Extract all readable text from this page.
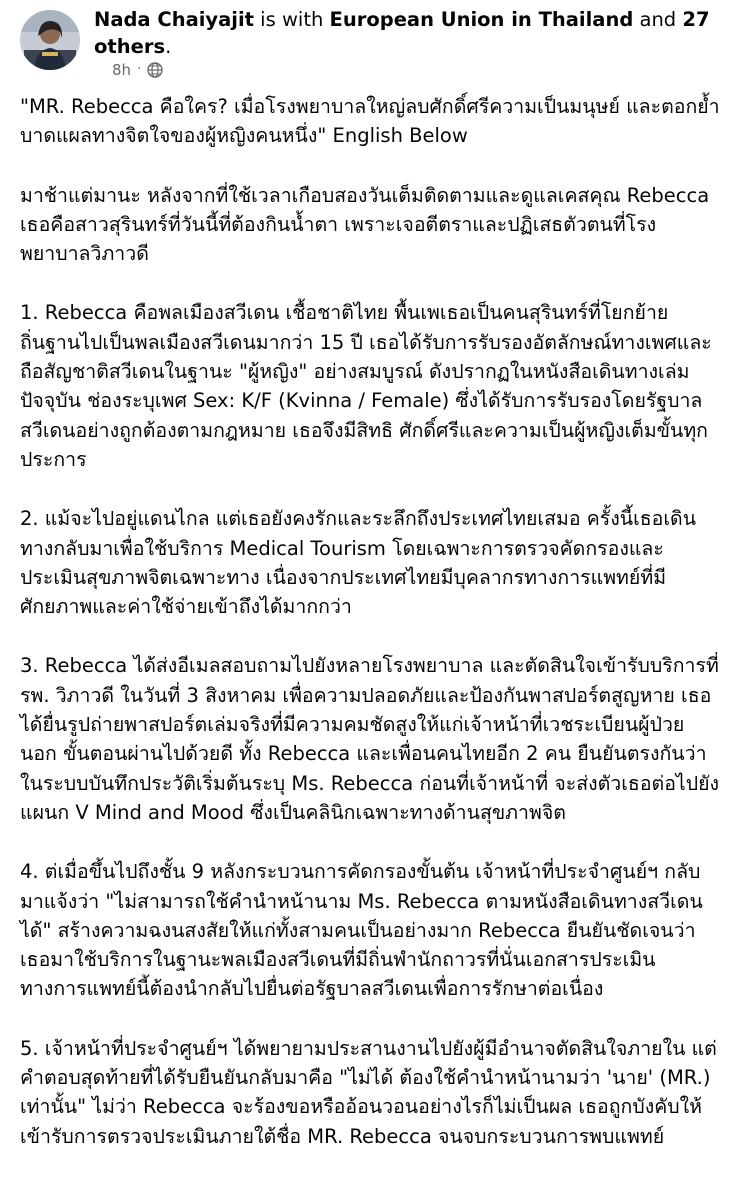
Nada Chaiyajit is with European Union in Thailand and 27 others.
8h ·

"MR. Rebecca คือใคร? เมื่อโรงพยาบาลใหญ่ลบศักดิ์ศรีความเป็นมนุษย์ และตอกย้ำบาดแผลทางจิตใจของผู้หญิงคนหนึ่ง" English Below

มาช้าแต่มานะ หลังจากที่ใช้เวลาเกือบสองวันเต็มติดตามและดูแลเคสคุณ Rebecca เธอคือสาวสุรินทร์ที่วันนี้ที่ต้องกินน้ำตา เพราะเจอตีตราและปฏิเสธตัวตนที่โรงพยาบาลวิภาวดี

1. Rebecca คือพลเมืองสวีเดน เชื้อชาติไทย พื้นเพเธอเป็นคนสุรินทร์ที่โยกย้ายถิ่นฐานไปเป็นพลเมืองสวีเดนมากว่า 15 ปี เธอได้รับการรับรองอัตลักษณ์ทางเพศและถือสัญชาติสวีเดนในฐานะ "ผู้หญิง" อย่างสมบูรณ์ ดังปรากฏในหนังสือเดินทางเล่มปัจจุบัน ช่องระบุเพศ Sex: K/F (Kvinna / Female) ซึ่งได้รับการรับรองโดยรัฐบาลสวีเดนอย่างถูกต้องตามกฎหมาย เธอจึงมีสิทธิ ศักดิ์ศรีและความเป็นผู้หญิงเต็มขั้นทุกประการ

2. แม้จะไปอยู่แดนไกล แต่เธอยังคงรักและระลึกถึงประเทศไทยเสมอ ครั้งนี้เธอเดินทางกลับมาเพื่อใช้บริการ Medical Tourism โดยเฉพาะการตรวจคัดกรองและประเมินสุขภาพจิตเฉพาะทาง เนื่องจากประเทศไทยมีบุคลากรทางการแพทย์ที่มีศักยภาพและค่าใช้จ่ายเข้าถึงได้มากกว่า

3. Rebecca ได้ส่งอีเมลสอบถามไปยังหลายโรงพยาบาล และตัดสินใจเข้ารับบริการที่ รพ. วิภาวดี ในวันที่ 3 สิงหาคม เพื่อความปลอดภัยและป้องกันพาสปอร์ตสูญหาย เธอได้ยื่นรูปถ่ายพาสปอร์ตเล่มจริงที่มีความคมชัดสูงให้แก่เจ้าหน้าที่เวชระเบียนผู้ป่วยนอก ขั้นตอนผ่านไปด้วยดี ทั้ง Rebecca และเพื่อนคนไทยอีก 2 คน ยืนยันตรงกันว่าในระบบบันทึกประวัติเริ่มต้นระบุ Ms. Rebecca ก่อนที่เจ้าหน้าที่ จะส่งตัวเธอต่อไปยังแผนก V Mind and Mood ซึ่งเป็นคลินิกเฉพาะทางด้านสุขภาพจิต

4. ต่เมื่อขึ้นไปถึงชั้น 9 หลังกระบวนการคัดกรองขั้นต้น เจ้าหน้าที่ประจำศูนย์ฯ กลับมาแจ้งว่า "ไม่สามารถใช้คำนำหน้านาม Ms. Rebecca ตามหนังสือเดินทางสวีเดนได้" สร้างความฉงนสงสัยให้แก่ทั้งสามคนเป็นอย่างมาก Rebecca ยืนยันชัดเจนว่า เธอมาใช้บริการในฐานะพลเมืองสวีเดนที่มีถิ่นพำนักถาวรที่นั่นเอกสารประเมินทางการแพทย์นี้ต้องนำกลับไปยื่นต่อรัฐบาลสวีเดนเพื่อการรักษาต่อเนื่อง

5. เจ้าหน้าที่ประจำศูนย์ฯ ได้พยายามประสานงานไปยังผู้มีอำนาจตัดสินใจภายใน แต่คำตอบสุดท้ายที่ได้รับยืนยันกลับมาคือ "ไม่ได้ ต้องใช้คำนำหน้านามว่า 'นาย' (MR.) เท่านั้น" ไม่ว่า Rebecca จะร้องขอหรืออ้อนวอนอย่างไรก็ไม่เป็นผล เธอถูกบังคับให้เข้ารับการตรวจประเมินภายใต้ชื่อ MR. Rebecca จนจบกระบวนการพบแพทย์
